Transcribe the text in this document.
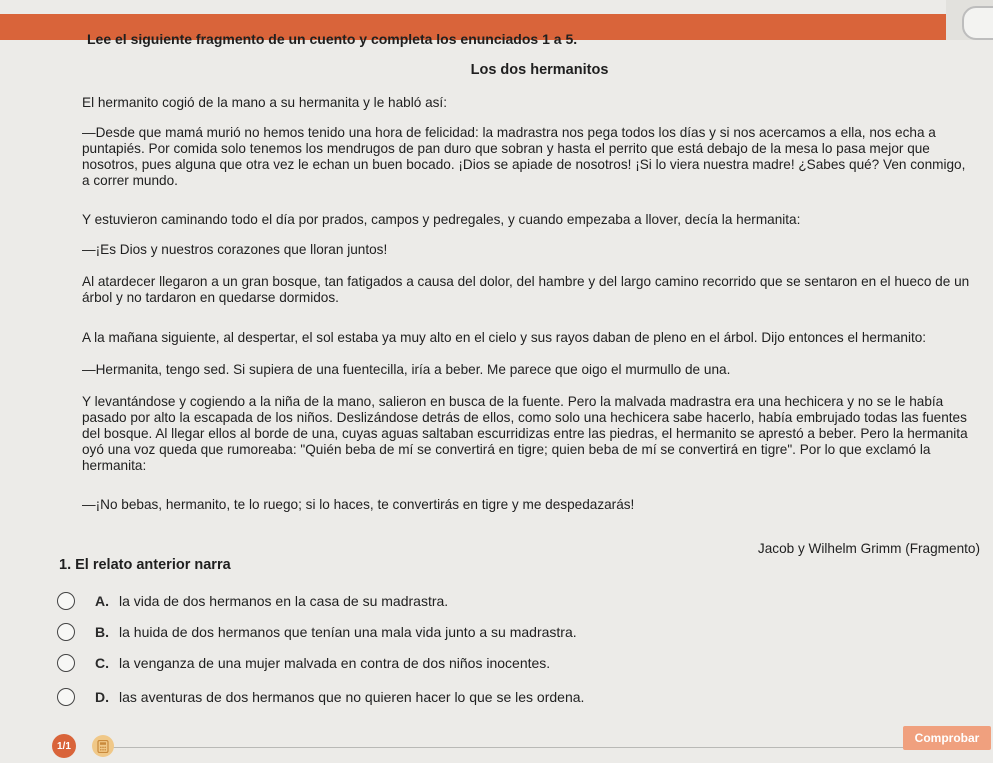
Lee el siguiente fragmento de un cuento y completa los enunciados 1 a 5.
Los dos hermanitos

El hermanito cogió de la mano a su hermanita y le habló así:

—Desde que mamá murió no hemos tenido una hora de felicidad: la madrastra nos pega todos los días y si nos acercamos a ella, nos echa a puntapiés. Por comida solo tenemos los mendrugos de pan duro que sobran y hasta el perrito que está debajo de la mesa lo pasa mejor que nosotros, pues alguna que otra vez le echan un buen bocado. ¡Dios se apiade de nosotros! ¡Si lo viera nuestra madre! ¿Sabes qué? Ven conmigo, a correr mundo.

Y estuvieron caminando todo el día por prados, campos y pedregales, y cuando empezaba a llover, decía la hermanita:

—¡Es Dios y nuestros corazones que lloran juntos!

Al atardecer llegaron a un gran bosque, tan fatigados a causa del dolor, del hambre y del largo camino recorrido que se sentaron en el hueco de un árbol y no tardaron en quedarse dormidos.

A la mañana siguiente, al despertar, el sol estaba ya muy alto en el cielo y sus rayos daban de pleno en el árbol. Dijo entonces el hermanito:

—Hermanita, tengo sed. Si supiera de una fuentecilla, iría a beber. Me parece que oigo el murmullo de una.

Y levantándose y cogiendo a la niña de la mano, salieron en busca de la fuente. Pero la malvada madrastra era una hechicera y no se le había pasado por alto la escapada de los niños. Deslizándose detrás de ellos, como solo una hechicera sabe hacerlo, había embrujado todas las fuentes del bosque. Al llegar ellos al borde de una, cuyas aguas saltaban escurridizas entre las piedras, el hermanito se aprestó a beber. Pero la hermanita oyó una voz queda que rumoreaba: "Quién beba de mí se convertirá en tigre; quien beba de mí se convertirá en tigre". Por lo que exclamó la hermanita:

—¡No bebas, hermanito, te lo ruego; si lo haces, te convertirás en tigre y me despedazarás!

Jacob y Wilhelm Grimm (Fragmento)
1. El relato anterior narra
A. la vida de dos hermanos en la casa de su madrastra.
B. la huida de dos hermanos que tenían una mala vida junto a su madrastra.
C. la venganza de una mujer malvada en contra de dos niños inocentes.
D. las aventuras de dos hermanos que no quieren hacer lo que se les ordena.
1/1
Comprobar
